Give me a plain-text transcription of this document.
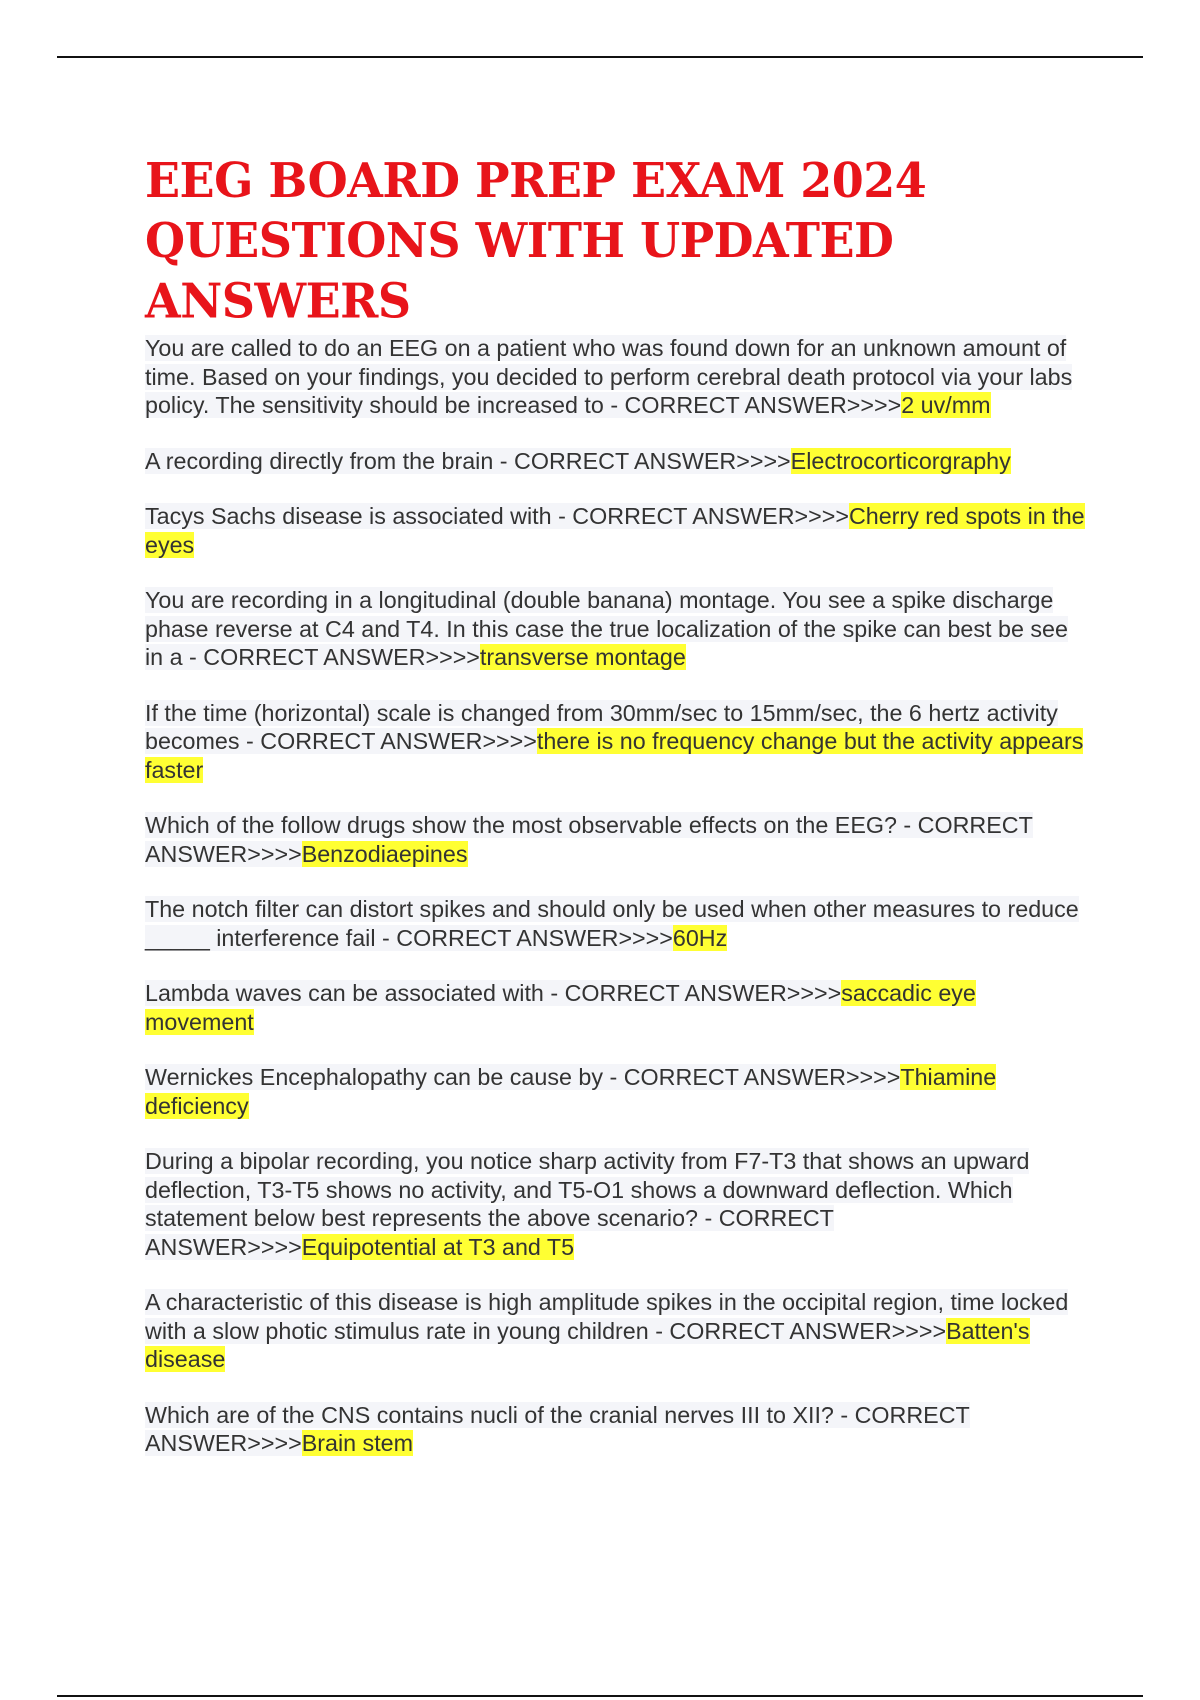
EEG BOARD PREP EXAM 2024 QUESTIONS WITH UPDATED ANSWERS

You are called to do an EEG on a patient who was found down for an unknown amount of time. Based on your findings, you decided to perform cerebral death protocol via your labs policy. The sensitivity should be increased to - CORRECT ANSWER>>>>2 uv/mm

A recording directly from the brain - CORRECT ANSWER>>>>Electrocorticorgraphy

Tacys Sachs disease is associated with - CORRECT ANSWER>>>>Cherry red spots in the eyes

You are recording in a longitudinal (double banana) montage. You see a spike discharge phase reverse at C4 and T4. In this case the true localization of the spike can best be see in a - CORRECT ANSWER>>>>transverse montage

If the time (horizontal) scale is changed from 30mm/sec to 15mm/sec, the 6 hertz activity becomes - CORRECT ANSWER>>>>there is no frequency change but the activity appears faster

Which of the follow drugs show the most observable effects on the EEG? - CORRECT ANSWER>>>>Benzodiaepines

The notch filter can distort spikes and should only be used when other measures to reduce _____ interference fail - CORRECT ANSWER>>>>60Hz

Lambda waves can be associated with - CORRECT ANSWER>>>>saccadic eye movement

Wernickes Encephalopathy can be cause by - CORRECT ANSWER>>>>Thiamine deficiency

During a bipolar recording, you notice sharp activity from F7-T3 that shows an upward deflection, T3-T5 shows no activity, and T5-O1 shows a downward deflection. Which statement below best represents the above scenario? - CORRECT ANSWER>>>>Equipotential at T3 and T5

A characteristic of this disease is high amplitude spikes in the occipital region, time locked with a slow photic stimulus rate in young children - CORRECT ANSWER>>>>Batten's disease

Which are of the CNS contains nucli of the cranial nerves III to XII? - CORRECT ANSWER>>>>Brain stem
